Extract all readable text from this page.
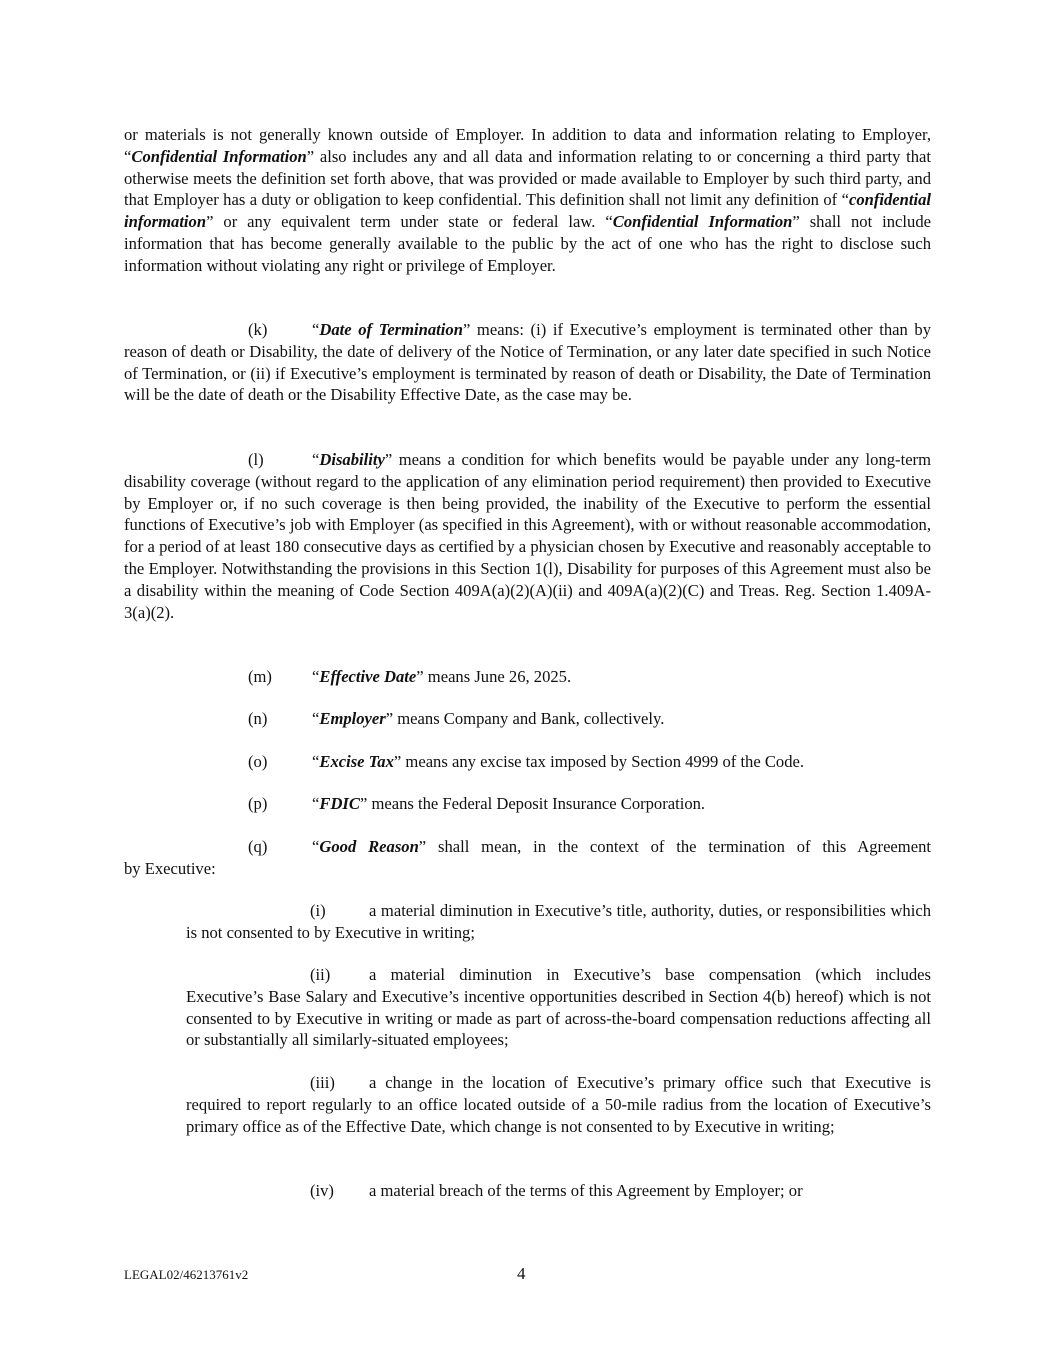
or materials is not generally known outside of Employer. In addition to data and information relating to Employer, “Confidential Information” also includes any and all data and information relating to or concerning a third party that otherwise meets the definition set forth above, that was provided or made available to Employer by such third party, and that Employer has a duty or obligation to keep confidential. This definition shall not limit any definition of “confidential information” or any equivalent term under state or federal law. “Confidential Information” shall not include information that has become generally available to the public by the act of one who has the right to disclose such information without violating any right or privilege of Employer.

(k)	“Date of Termination” means: (i) if Executive’s employment is terminated other than by reason of death or Disability, the date of delivery of the Notice of Termination, or any later date specified in such Notice of Termination, or (ii) if Executive’s employment is terminated by reason of death or Disability, the Date of Termination will be the date of death or the Disability Effective Date, as the case may be.

(l)	“Disability” means a condition for which benefits would be payable under any long-term disability coverage (without regard to the application of any elimination period requirement) then provided to Executive by Employer or, if no such coverage is then being provided, the inability of the Executive to perform the essential functions of Executive’s job with Employer (as specified in this Agreement), with or without reasonable accommodation, for a period of at least 180 consecutive days as certified by a physician chosen by Executive and reasonably acceptable to the Employer. Notwithstanding the provisions in this Section 1(l), Disability for purposes of this Agreement must also be a disability within the meaning of Code Section 409A(a)(2)(A)(ii) and 409A(a)(2)(C) and Treas. Reg. Section 1.409A-3(a)(2).

(m) “Effective Date” means June 26, 2025.

(n)	“Employer” means Company and Bank, collectively.

(o)	“Excise Tax” means any excise tax imposed by Section 4999 of the Code.

(p)	“FDIC” means the Federal Deposit Insurance Corporation.

(q)	“Good Reason” shall mean, in the context of the termination of this Agreement

by Executive:

(i)	a material diminution in Executive’s title, authority, duties, or responsibilities which is not consented to by Executive in writing;

(ii) a material diminution in Executive’s base compensation (which includes Executive’s Base Salary and Executive’s incentive opportunities described in Section 4(b) hereof) which is not consented to by Executive in writing or made as part of across-the-board compensation reductions affecting all or substantially all similarly-situated employees;

(iii) a change in the location of Executive’s primary office such that Executive is required to report regularly to an office located outside of a 50-mile radius from the location of Executive’s primary office as of the Effective Date, which change is not consented to by Executive in writing;

(iv) a material breach of the terms of this Agreement by Employer; or

LEGAL02/46213761v2	4
